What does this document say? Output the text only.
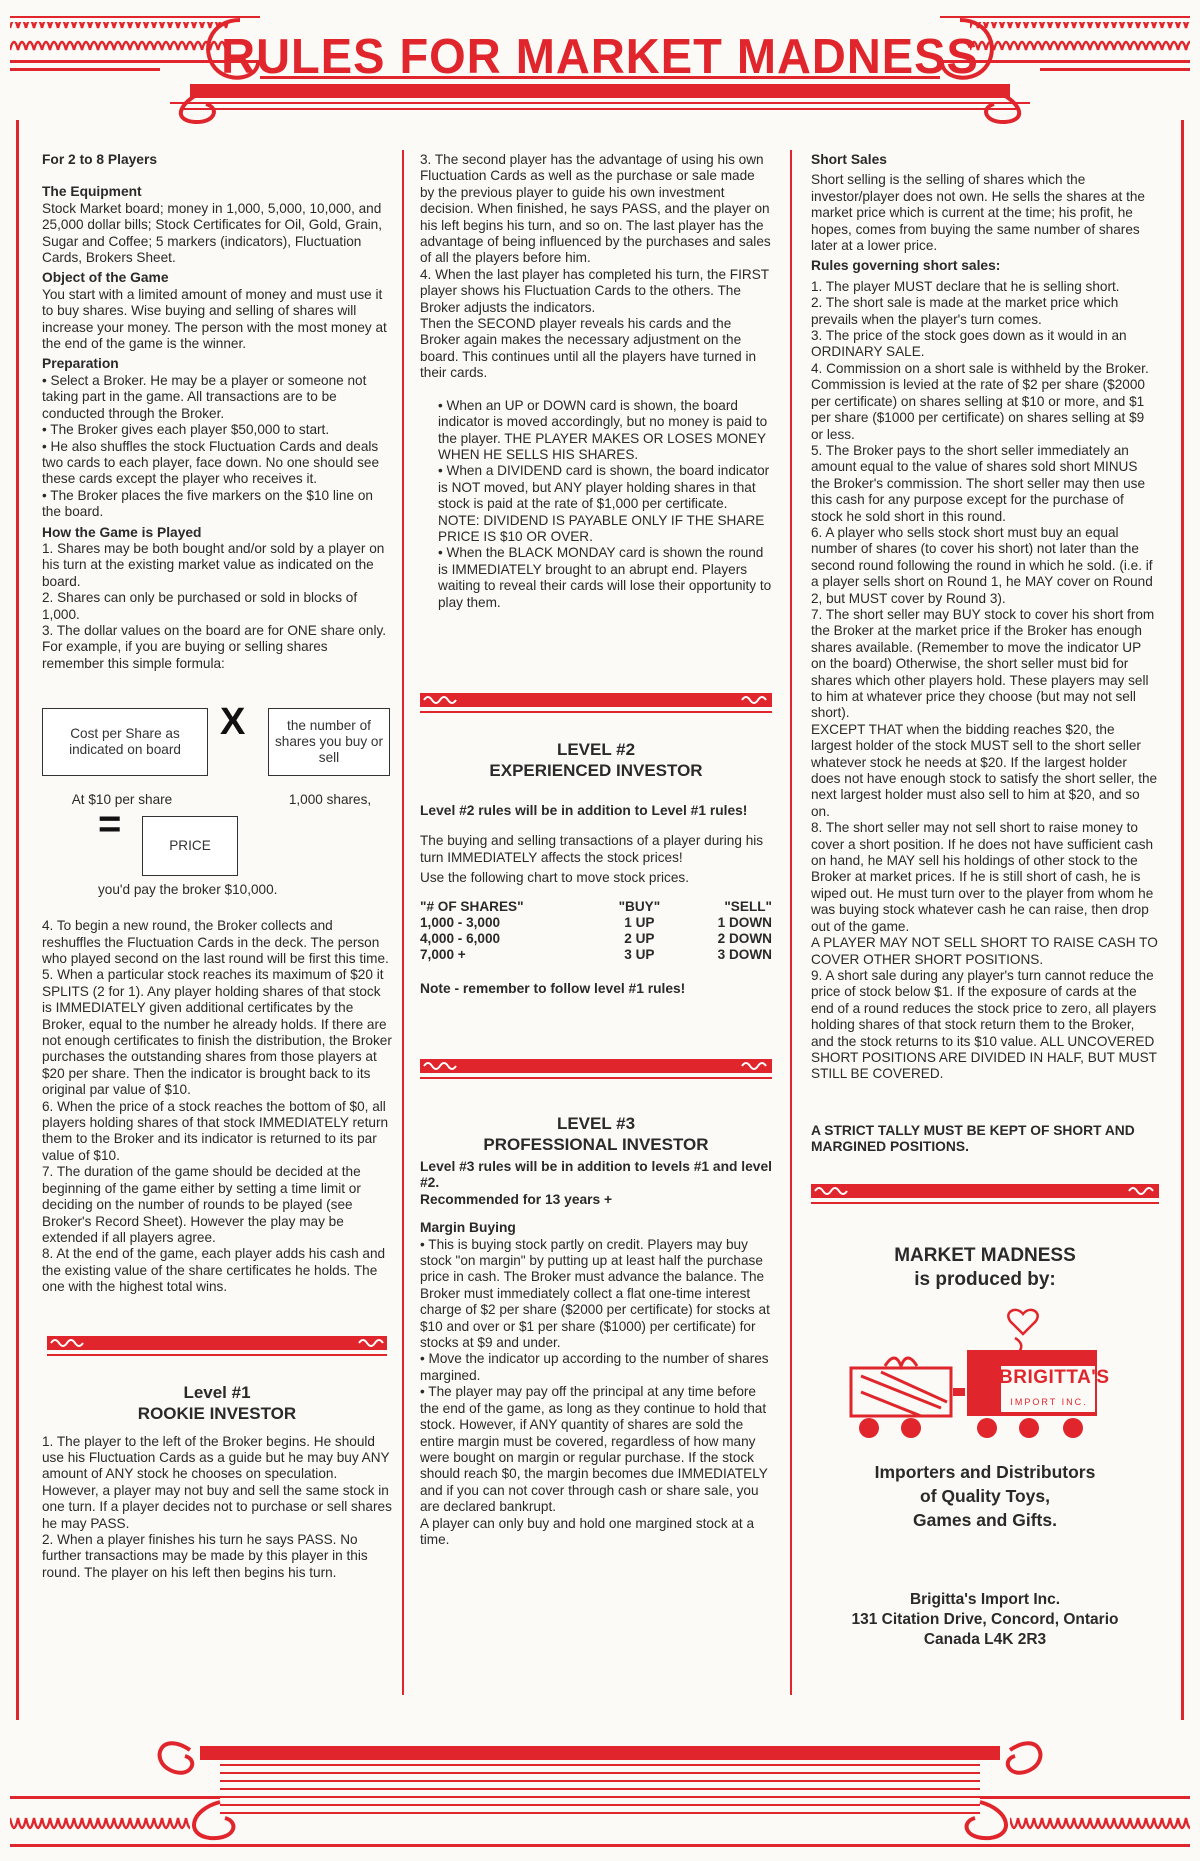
RULES FOR MARKET MADNESS
For 2 to 8 Players
The Equipment

Stock Market board; money in 1,000, 5,000, 10,000, and 25,000 dollar bills; Stock Certificates for Oil, Gold, Grain, Sugar and Coffee; 5 markers (indicators), Fluctuation Cards, Brokers Sheet.

Object of the Game

You start with a limited amount of money and must use it to buy shares. Wise buying and selling of shares will increase your money. The person with the most money at the end of the game is the winner.

Preparation

• Select a Broker. He may be a player or someone not taking part in the game. All transactions are to be conducted through the Broker.

• The Broker gives each player $50,000 to start.

• He also shuffles the stock Fluctuation Cards and deals two cards to each player, face down. No one should see these cards except the player who receives it.

• The Broker places the five markers on the $10 line on the board.

How the Game is Played

1. Shares may be both bought and/or sold by a player on his turn at the existing market value as indicated on the board.

2. Shares can only be purchased or sold in blocks of 1,000.

3. The dollar values on the board are for ONE share only. For example, if you are buying or selling shares remember this simple formula:

Cost per Share as indicated on board
X	the number of shares you buy or sell
At $10 per share	1,000 shares,
=	PRICE
you'd pay the broker $10,000.

4. To begin a new round, the Broker collects and reshuffles the Fluctuation Cards in the deck. The person who played second on the last round will be first this time.

5. When a particular stock reaches its maximum of $20 it SPLITS (2 for 1). Any player holding shares of that stock is IMMEDIATELY given additional certificates by the Broker, equal to the number he already holds. If there are not enough certificates to finish the distribution, the Broker purchases the outstanding shares from those players at $20 per share. Then the indicator is brought back to its original par value of $10.

6. When the price of a stock reaches the bottom of $0, all players holding shares of that stock IMMEDIATELY return them to the Broker and its indicator is returned to its par value of $10.

7. The duration of the game should be decided at the beginning of the game either by setting a time limit or deciding on the number of rounds to be played (see Broker's Record Sheet). However the play may be extended if all players agree.

8. At the end of the game, each player adds his cash and the existing value of the share certificates he holds. The one with the highest total wins.

Level #1
ROOKIE INVESTOR

1. The player to the left of the Broker begins. He should use his Fluctuation Cards as a guide but he may buy ANY amount of ANY stock he chooses on speculation. However, a player may not buy and sell the same stock in one turn. If a player decides not to purchase or sell shares he may PASS.

2. When a player finishes his turn he says PASS. No further transactions may be made by this player in this round. The player on his left then begins his turn.

3. The second player has the advantage of using his own Fluctuation Cards as well as the purchase or sale made by the previous player to guide his own investment decision. When finished, he says PASS, and the player on his left begins his turn, and so on. The last player has the advantage of being influenced by the purchases and sales of all the players before him.

4. When the last player has completed his turn, the FIRST player shows his Fluctuation Cards to the others. The Broker adjusts the indicators.

Then the SECOND player reveals his cards and the Broker again makes the necessary adjustment on the board. This continues until all the players have turned in their cards.

• When an UP or DOWN card is shown, the board indicator is moved accordingly, but no money is paid to the player. THE PLAYER MAKES OR LOSES MONEY WHEN HE SELLS HIS SHARES.

• When a DIVIDEND card is shown, the board indicator is NOT moved, but ANY player holding shares in that stock is paid at the rate of $1,000 per certificate. NOTE: DIVIDEND IS PAYABLE ONLY IF THE SHARE PRICE IS $10 OR OVER.

• When the BLACK MONDAY card is shown the round is IMMEDIATELY brought to an abrupt end. Players waiting to reveal their cards will lose their opportunity to play them.

LEVEL #2
EXPERIENCED INVESTOR
Level #2 rules will be in addition to Level #1 rules!

The buying and selling transactions of a player during his turn IMMEDIATELY affects the stock prices!

Use the following chart to move stock prices.

"# OF SHARES"	"BUY"	"SELL"
1,000 - 3,000	1 UP	1 DOWN
4,000 - 6,000	2 UP	2 DOWN
7,000 +	3 UP	3 DOWN
Note - remember to follow level #1 rules!
LEVEL #3
PROFESSIONAL INVESTOR
Level #3 rules will be in addition to levels #1 and level #2.
Recommended for 13 years +
Margin Buying

• This is buying stock partly on credit. Players may buy stock "on margin" by putting up at least half the purchase price in cash. The Broker must advance the balance. The Broker must immediately collect a flat one-time interest charge of $2 per share ($2000 per certificate) for stocks at $10 and over or $1 per share ($1000) per certificate) for stocks at $9 and under.

• Move the indicator up according to the number of shares margined.

• The player may pay off the principal at any time before the end of the game, as long as they continue to hold that stock. However, if ANY quantity of shares are sold the entire margin must be covered, regardless of how many were bought on margin or regular purchase. If the stock should reach $0, the margin becomes due IMMEDIATELY and if you can not cover through cash or share sale, you are declared bankrupt.

A player can only buy and hold one margined stock at a time.

Short Sales

Short selling is the selling of shares which the investor/player does not own. He sells the shares at the market price which is current at the time; his profit, he hopes, comes from buying the same number of shares later at a lower price.

Rules governing short sales:

1. The player MUST declare that he is selling short.

2. The short sale is made at the market price which prevails when the player's turn comes.

3. The price of the stock goes down as it would in an ORDINARY SALE.

4. Commission on a short sale is withheld by the Broker. Commission is levied at the rate of $2 per share ($2000 per certificate) on shares selling at $10 or more, and $1 per share ($1000 per certificate) on shares selling at $9 or less.

5. The Broker pays to the short seller immediately an amount equal to the value of shares sold short MINUS the Broker's commission. The short seller may then use this cash for any purpose except for the purchase of stock he sold short in this round.

6. A player who sells stock short must buy an equal number of shares (to cover his short) not later than the second round following the round in which he sold. (i.e. if a player sells short on Round 1, he MAY cover on Round 2, but MUST cover by Round 3).

7. The short seller may BUY stock to cover his short from the Broker at the market price if the Broker has enough shares available. (Remember to move the indicator UP on the board) Otherwise, the short seller must bid for shares which other players hold. These players may sell to him at whatever price they choose (but may not sell short).

EXCEPT THAT when the bidding reaches $20, the largest holder of the stock MUST sell to the short seller whatever stock he needs at $20. If the largest holder does not have enough stock to satisfy the short seller, the next largest holder must also sell to him at $20, and so on.

8. The short seller may not sell short to raise money to cover a short position. If he does not have sufficient cash on hand, he MAY sell his holdings of other stock to the Broker at market prices. If he is still short of cash, he is wiped out. He must turn over to the player from whom he was buying stock whatever cash he can raise, then drop out of the game.

A PLAYER MAY NOT SELL SHORT TO RAISE CASH TO COVER OTHER SHORT POSITIONS.

9. A short sale during any player's turn cannot reduce the price of stock below $1. If the exposure of cards at the end of a round reduces the stock price to zero, all players holding shares of that stock return them to the Broker, and the stock returns to its $10 value. ALL UNCOVERED SHORT POSITIONS ARE DIVIDED IN HALF, BUT MUST STILL BE COVERED.

A STRICT TALLY MUST BE KEPT OF SHORT AND MARGINED POSITIONS.
MARKET MADNESS
is produced by:
BRIGITTA'S
IMPORT INC.
Importers and Distributors
of Quality Toys,
Games and Gifts.
Brigitta's Import Inc.
131 Citation Drive, Concord, Ontario
Canada L4K 2R3
